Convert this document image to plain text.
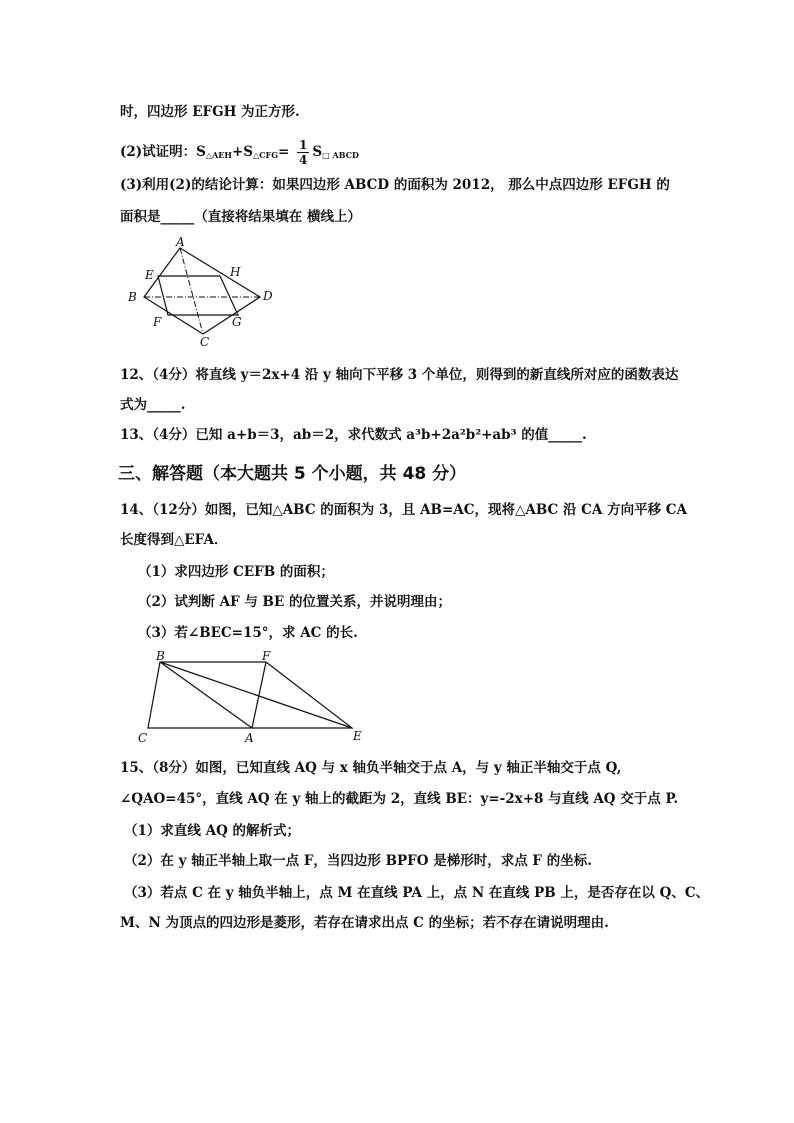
时，四边形 EFGH 为正方形.
(2)试证明：$S_{\triangle AEH}+S_{\triangle CFG}= \frac{1}{4} S_{□ ABCD}$
(3)利用(2)的结论计算：如果四边形 ABCD 的面积为 2012， 那么中点四边形 EFGH 的
面积是_____（直接将结果填在 横线上）
A
B
C
D
E
F	G
H
12、（4分）将直线 y＝2x+4 沿 y 轴向下平移 3 个单位，则得到的新直线所对应的函数表达
式为_____.
13、（4分）已知 a+b＝3，ab＝2，求代数式 a³b+2a²b²+ab³ 的值_____.
三、解答题（本大题共 5 个小题，共 48 分）
14、（12分）如图，已知△ABC 的面积为 3，且 AB=AC，现将△ABC 沿 CA 方向平移 CA
长度得到△EFA．
（1）求四边形 CEFB 的面积；
（2）试判断 AF 与 BE 的位置关系，并说明理由；
（3）若∠BEC=15°，求 AC 的长.
B	F
C	A	E
15、（8分）如图，已知直线 AQ 与 x 轴负半轴交于点 A，与 y 轴正半轴交于点 Q,
∠QAO=45°，直线 AQ 在 y 轴上的截距为 2，直线 BE：y=-2x+8 与直线 AQ 交于点 P.
（1）求直线 AQ 的解析式；
（2）在 y 轴正半轴上取一点 F，当四边形 BPFO 是梯形时，求点 F 的坐标.
（3）若点 C 在 y 轴负半轴上，点 M 在直线 PA 上，点 N 在直线 PB 上，是否存在以 Q、C、
M、N 为顶点的四边形是菱形，若存在请求出点 C 的坐标；若不存在请说明理由.
